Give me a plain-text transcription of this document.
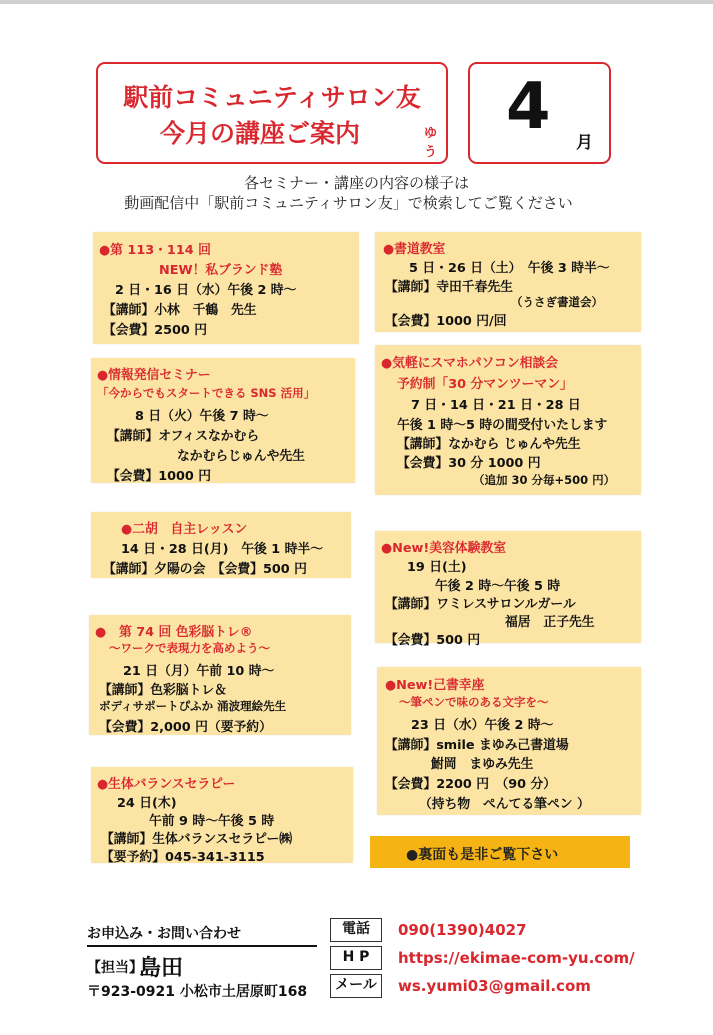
駅前コミュニティサロン友
今月の講座ご案内	ゆう
4 月
各セミナー・講座の内容の様子は
動画配信中「駅前コミュニティサロン友」で検索してご覧ください
●第 113・114 回
NEW！私ブランド塾
2 日・16 日（水）午後 2 時～
【講師】小林　千鶴　先生
【会費】2500 円
●情報発信セミナー
「今からでもスタートできる SNS 活用」
8 日（火）午後 7 時～
【講師】オフィスなかむら
なかむらじゅんや先生
【会費】1000 円
●二胡　自主レッスン
14 日・28 日(月)　午後 1 時半～
【講師】夕陽の会　【会費】500 円
●　第 74 回 色彩脳トレ®
～ワークで表現力を高めよう～
21 日（月）午前 10 時～
【講師】色彩脳トレ＆
ボディサポートぴふか 涌波理絵先生
【会費】2,000 円（要予約）
●生体バランスセラピー
24 日(木)
午前 9 時～午後 5 時
【講師】生体バランスセラピー㈱
【要予約】045-341-3115
●書道教室
5 日・26 日（土）　午後 3 時半～
【講師】寺田千春先生
（うさぎ書道会）
【会費】1000 円/回
●気軽にスマホパソコン相談会
予約制「30 分マンツーマン」
7 日・14 日・21 日・28 日
午後 1 時～5 時の間受付いたします
【講師】なかむら じゅんや先生
【会費】30 分 1000 円
（追加 30 分毎+500 円）
●New!美容体験教室
19 日(土)
午後 2 時～午後 5 時
【講師】ワミレスサロンルガール
福居　正子先生
【会費】500 円
●New!己書幸座
～筆ペンで味のある文字を～
23 日（水）午後 2 時～
【講師】smile まゆみ己書道場
鮒岡　まゆみ先生
【会費】2200 円　（90 分）
（持ち物　ぺんてる筆ペン ）
●裏面も是非ご覧下さい
お申込み・お問い合わせ
【担当】
島田
〒923-0921 小松市土居原町168
電話	090(1390)4027
H P	https://ekimae-com-yu.com/
メール	ws.yumi03@gmail.com
